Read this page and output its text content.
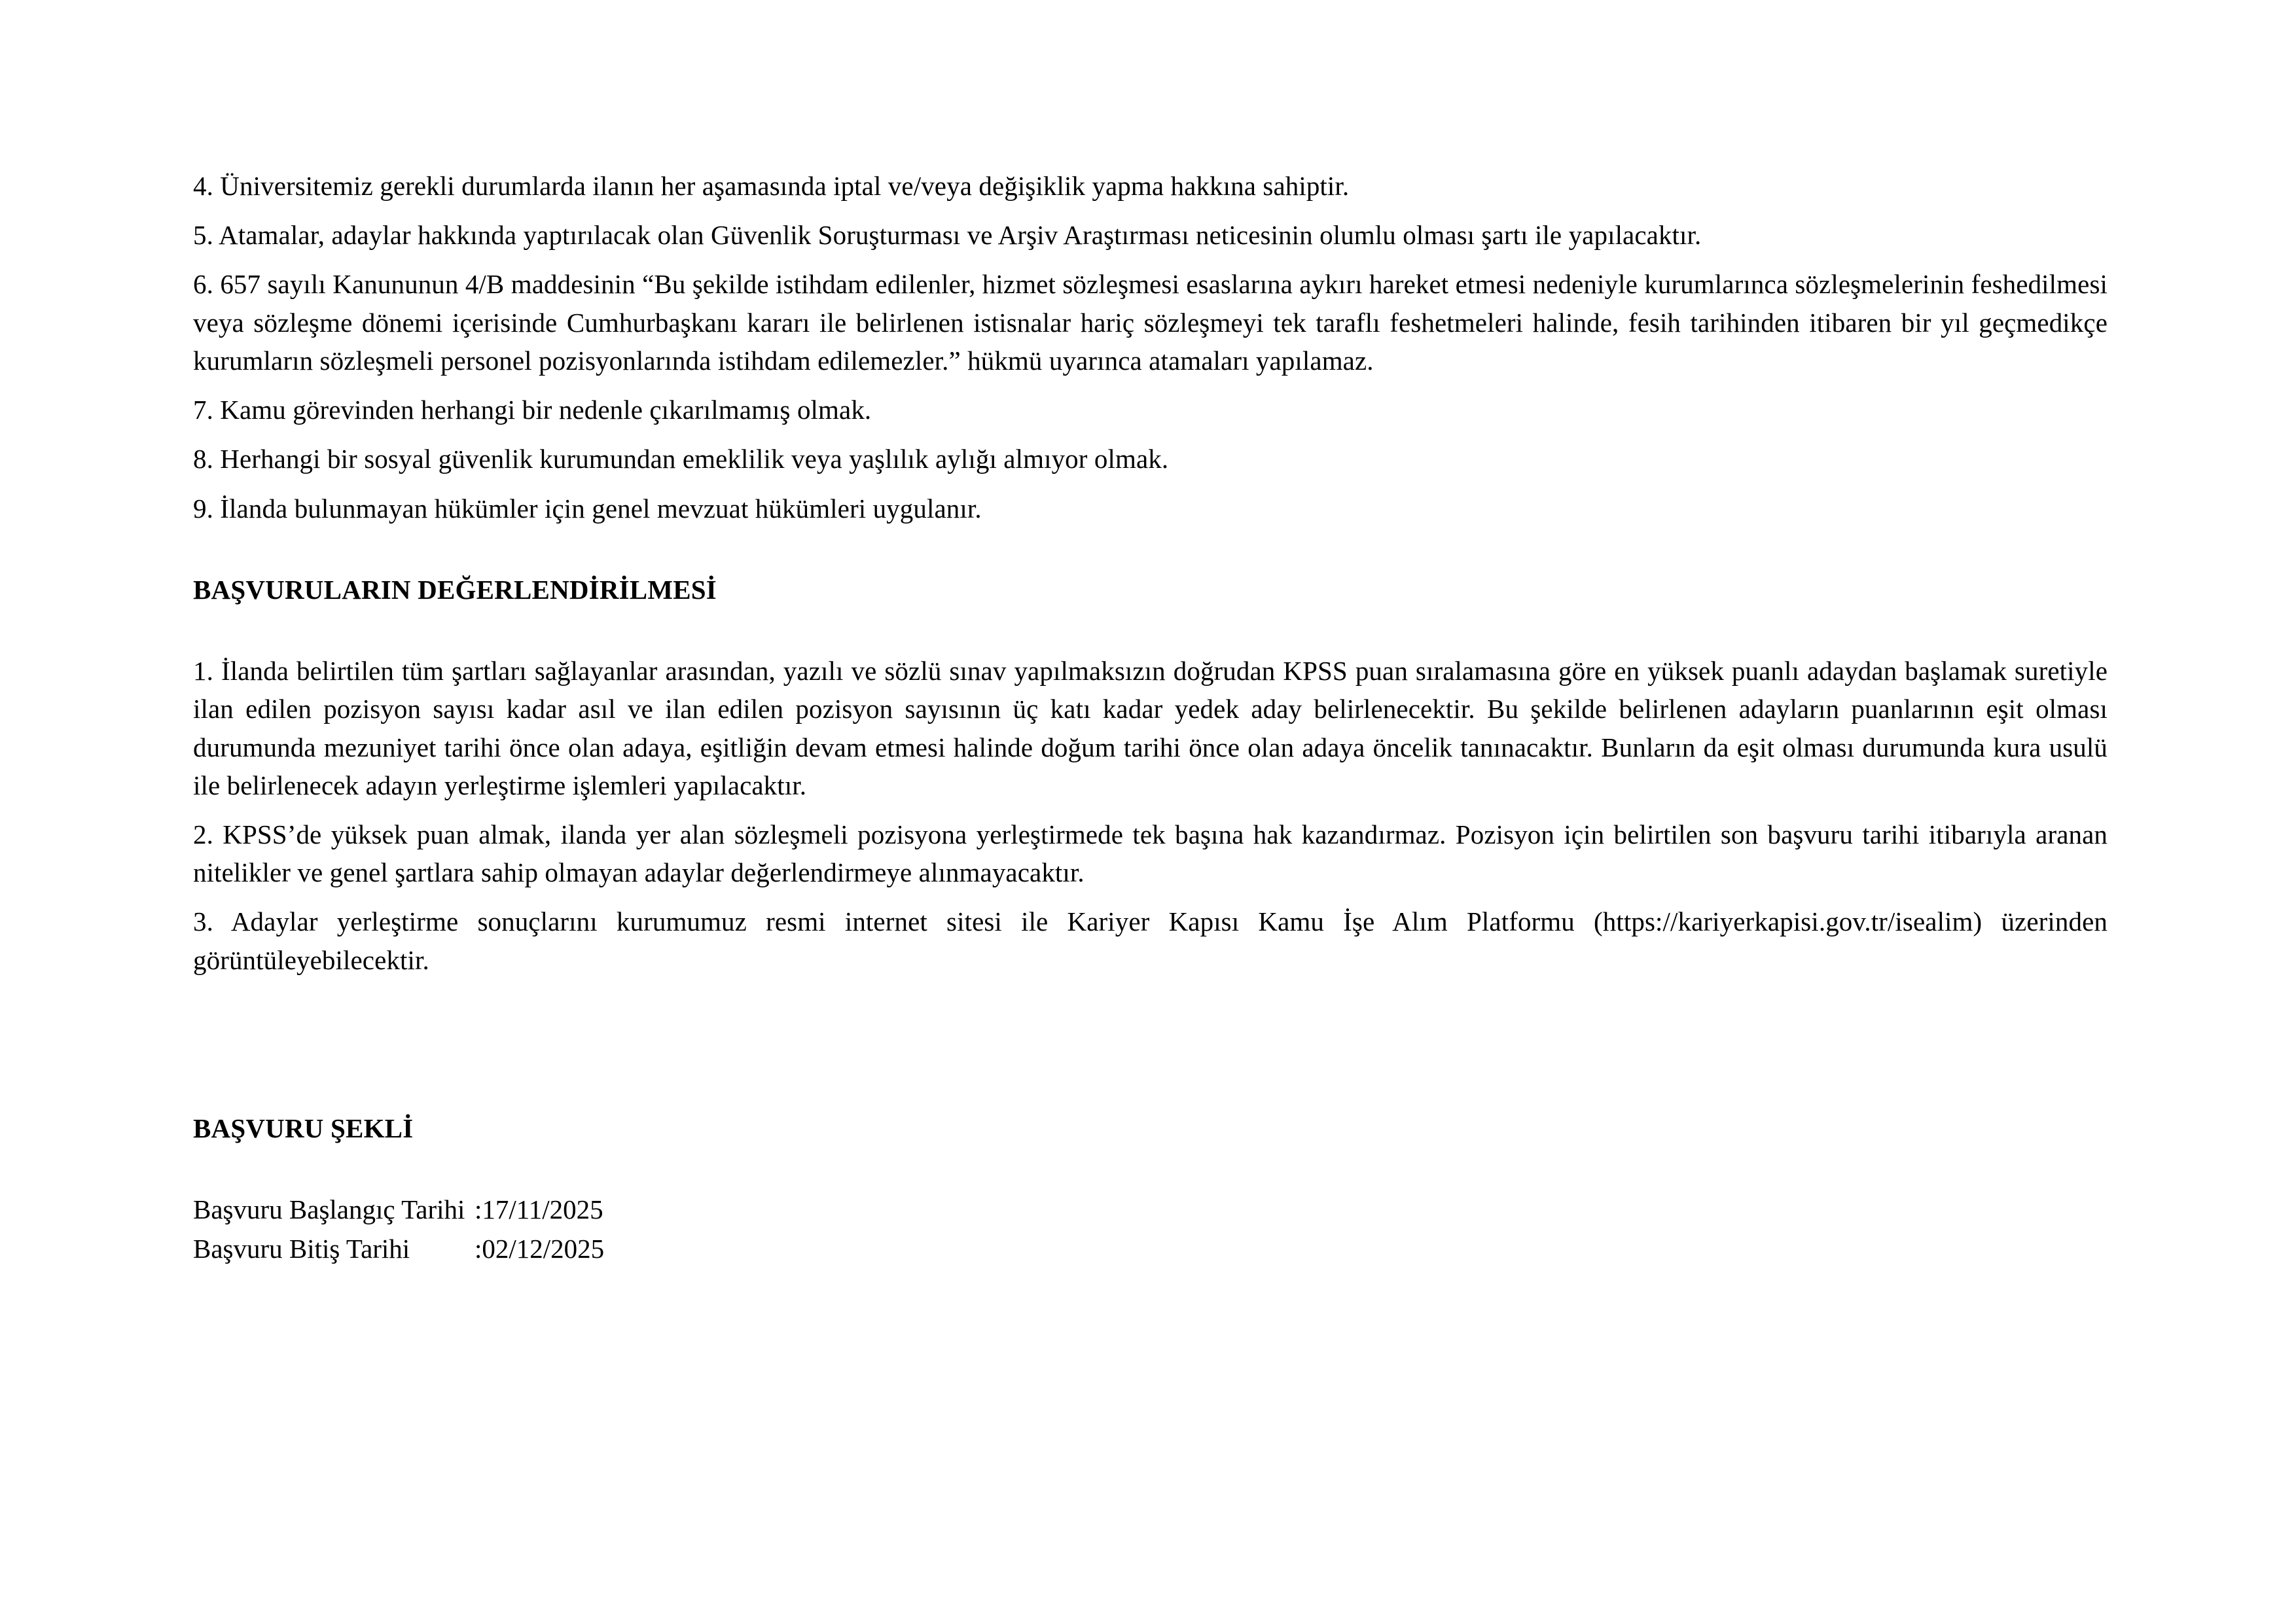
4. Üniversitemiz gerekli durumlarda ilanın her aşamasında iptal ve/veya değişiklik yapma hakkına sahiptir.

5. Atamalar, adaylar hakkında yaptırılacak olan Güvenlik Soruşturması ve Arşiv Araştırması neticesinin olumlu olması şartı ile yapılacaktır.

6. 657 sayılı Kanununun 4/B maddesinin “Bu şekilde istihdam edilenler, hizmet sözleşmesi esaslarına aykırı hareket etmesi nedeniyle kurumlarınca sözleşmelerinin feshedilmesi veya sözleşme dönemi içerisinde Cumhurbaşkanı kararı ile belirlenen istisnalar hariç sözleşmeyi tek taraflı feshetmeleri halinde, fesih tarihinden itibaren bir yıl geçmedikçe kurumların sözleşmeli personel pozisyonlarında istihdam edilemezler.” hükmü uyarınca atamaları yapılamaz.

7. Kamu görevinden herhangi bir nedenle çıkarılmamış olmak.

8. Herhangi bir sosyal güvenlik kurumundan emeklilik veya yaşlılık aylığı almıyor olmak.

9. İlanda bulunmayan hükümler için genel mevzuat hükümleri uygulanır.

BAŞVURULARIN DEĞERLENDİRİLMESİ

1. İlanda belirtilen tüm şartları sağlayanlar arasından, yazılı ve sözlü sınav yapılmaksızın doğrudan KPSS puan sıralamasına göre en yüksek puanlı adaydan başlamak suretiyle ilan edilen pozisyon sayısı kadar asıl ve ilan edilen pozisyon sayısının üç katı kadar yedek aday belirlenecektir. Bu şekilde belirlenen adayların puanlarının eşit olması durumunda mezuniyet tarihi önce olan adaya, eşitliğin devam etmesi halinde doğum tarihi önce olan adaya öncelik tanınacaktır. Bunların da eşit olması durumunda kura usulü ile belirlenecek adayın yerleştirme işlemleri yapılacaktır.

2. KPSS’de yüksek puan almak, ilanda yer alan sözleşmeli pozisyona yerleştirmede tek başına hak kazandırmaz. Pozisyon için belirtilen son başvuru tarihi itibarıyla aranan nitelikler ve genel şartlara sahip olmayan adaylar değerlendirmeye alınmayacaktır.

3. Adaylar yerleştirme sonuçlarını kurumumuz resmi internet sitesi ile Kariyer Kapısı Kamu İşe Alım Platformu (https://kariyerkapisi.gov.tr/isealim) üzerinden görüntüleyebilecektir.

BAŞVURU ŞEKLİ
Başvuru Başlangıç Tarihi :17/11/2025
Başvuru Bitiş Tarihi :02/12/2025
